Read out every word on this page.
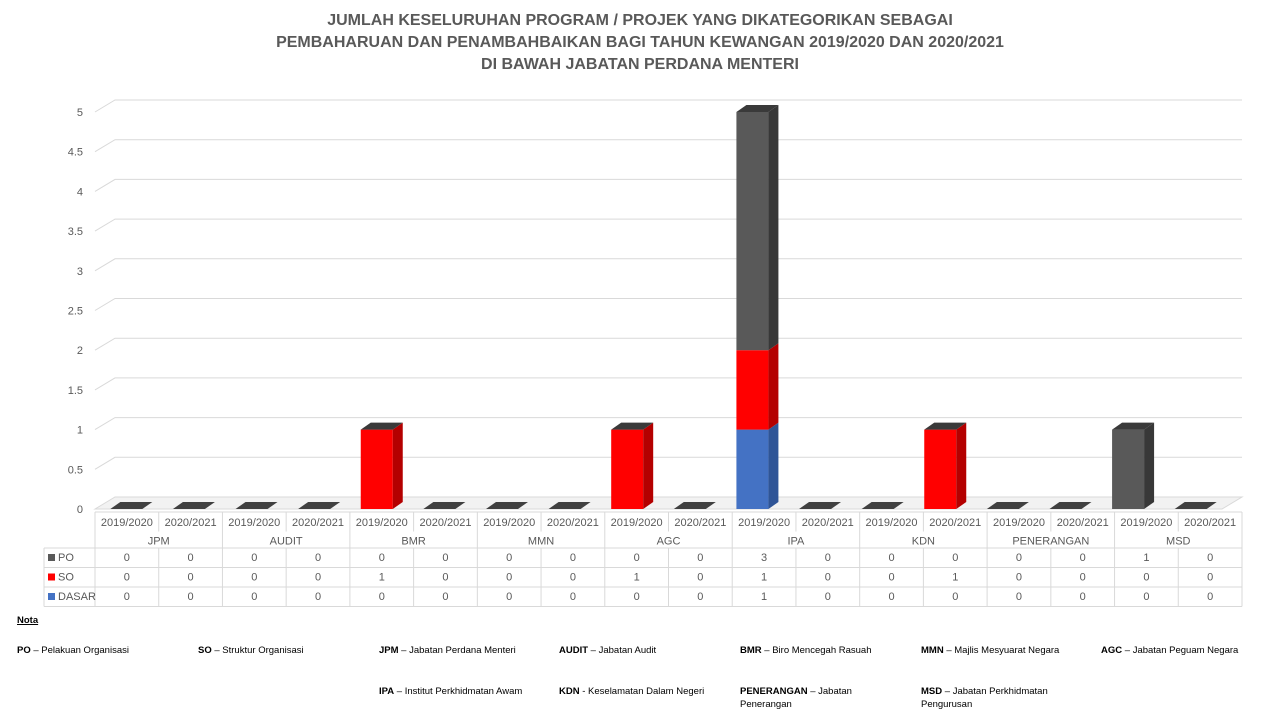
JUMLAH KESELURUHAN PROGRAM / PROJEK YANG DIKATEGORIKAN SEBAGAI
PEMBAHARUAN DAN PENAMBAHBAIKAN BAGI TAHUN KEWANGAN 2019/2020 DAN 2020/2021
DI BAWAH JABATAN PERDANA MENTERI
0
0.5
1
1.5
2
2.5
3
3.5
4
4.5
5
2019/2020 2020/2021 2019/2020 2020/2021 2019/2020 2020/2021 2019/2020 2020/2021 2019/2020 2020/2021 2019/2020 2020/2021 2019/2020 2020/2021 2019/2020 2020/2021 2019/2020 2020/2021
JPM	AUDIT	BMR	MMN	AGC	IPA	KDN	PENERANGAN	MSD
PO	0	0	0	0	0	0	0	0	0	0	3	0	0	0	0	0	1	0
SO	0	0	0	0	1	0	0	0	1	0	1	0	0	1	0	0	0	0
DASAR	0	0	0	0	0	0	0	0	0	0	1	0	0	0	0	0	0	0
Nota
PO – Pelakuan Organisasi	SO – Struktur Organisasi	JPM – Jabatan Perdana Menteri	AUDIT – Jabatan Audit	BMR – Biro Mencegah Rasuah	MMN – Majlis Mesyuarat Negara	AGC – Jabatan Peguam Negara
IPA – Institut Perkhidmatan Awam	KDN - Keselamatan Dalam Negeri	PENERANGAN – Jabatan Penerangan
MSD – Jabatan Perkhidmatan Pengurusan
